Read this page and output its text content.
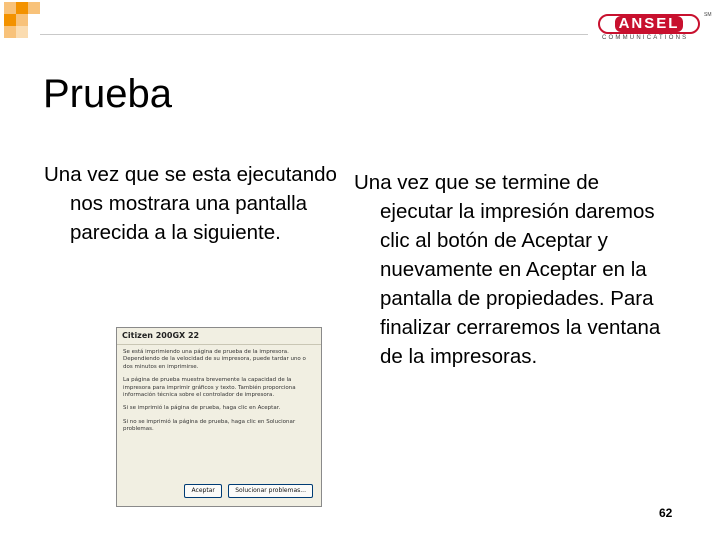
ANSEL
COMMUNICATIONS
SM
Prueba

Una vez que se esta ejecutando nos mostrara una pantalla parecida a la siguiente.

Una vez que se termine de ejecutar la impresión daremos clic al botón de Aceptar y nuevamente en Aceptar en la pantalla de propiedades. Para finalizar cerraremos la ventana de la impresoras.

Citizen 200GX 22

Se está imprimiendo una página de prueba de la impresora. Dependiendo de la velocidad de su impresora, puede tardar uno o dos minutos en imprimirse.

La página de prueba muestra brevemente la capacidad de la impresora para imprimir gráficos y texto. También proporciona información técnica sobre el controlador de impresora.

Si se imprimió la página de prueba, haga clic en Aceptar.

Si no se imprimió la página de prueba, haga clic en Solucionar problemas.

Aceptar	Solucionar problemas...
62
